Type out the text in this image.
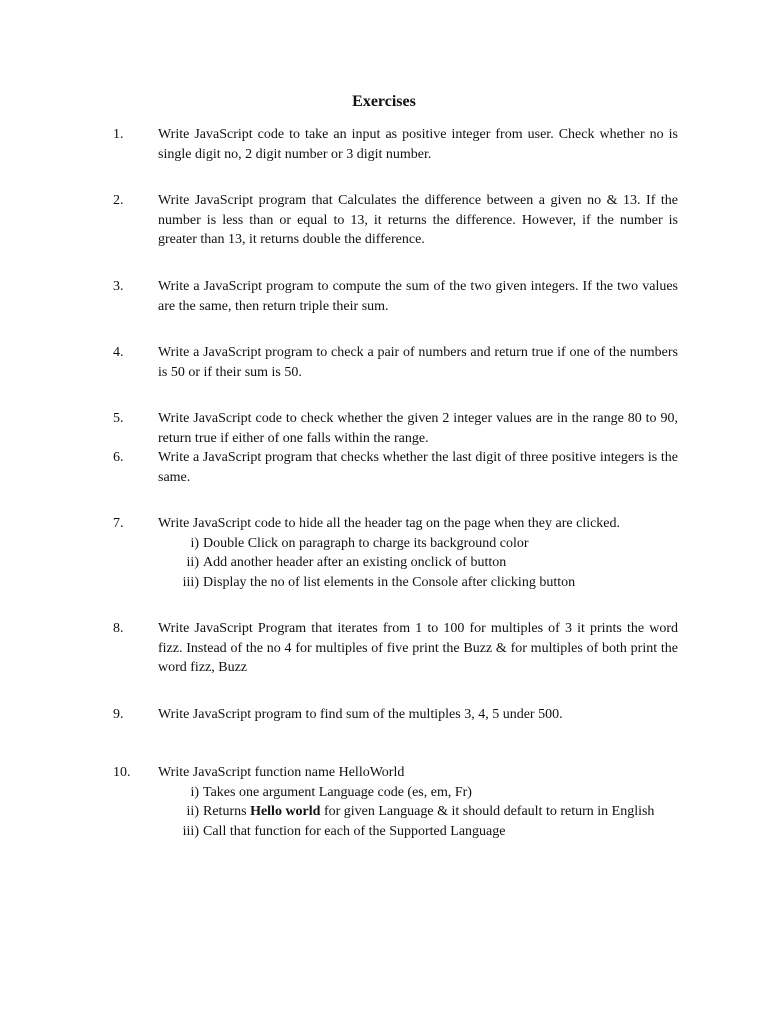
Exercises
1.	Write JavaScript code to take an input as positive integer from user. Check whether no is single digit no, 2 digit number or 3 digit number.
2.	Write JavaScript program that Calculates the difference between a given no & 13. If the number is less than or equal to 13, it returns the difference. However, if the number is greater than 13, it returns double the difference.
3.	Write a JavaScript program to compute the sum of the two given integers. If the two values are the same, then return triple their sum.
4.	Write a JavaScript program to check a pair of numbers and return true if one of the numbers is 50 or if their sum is 50.
5.	Write JavaScript code to check whether the given 2 integer values are in the range 80 to 90, return true if either of one falls within the range.
6.	Write a JavaScript program that checks whether the last digit of three positive integers is the same.
7.	Write JavaScript code to hide all the header tag on the page when they are clicked.
i) Double Click on paragraph to charge its background color
ii) Add another header after an existing onclick of button
iii) Display the no of list elements in the Console after clicking button
8.	Write JavaScript Program that iterates from 1 to 100 for multiples of 3 it prints the word fizz. Instead of the no 4 for multiples of five print the Buzz & for multiples of both print the word fizz, Buzz
9.	Write JavaScript program to find sum of the multiples 3, 4, 5 under 500.
10.	Write JavaScript function name HelloWorld
i) Takes one argument Language code (es, em, Fr)
ii) Returns Hello world for given Language & it should default to return in English
iii) Call that function for each of the Supported Language
